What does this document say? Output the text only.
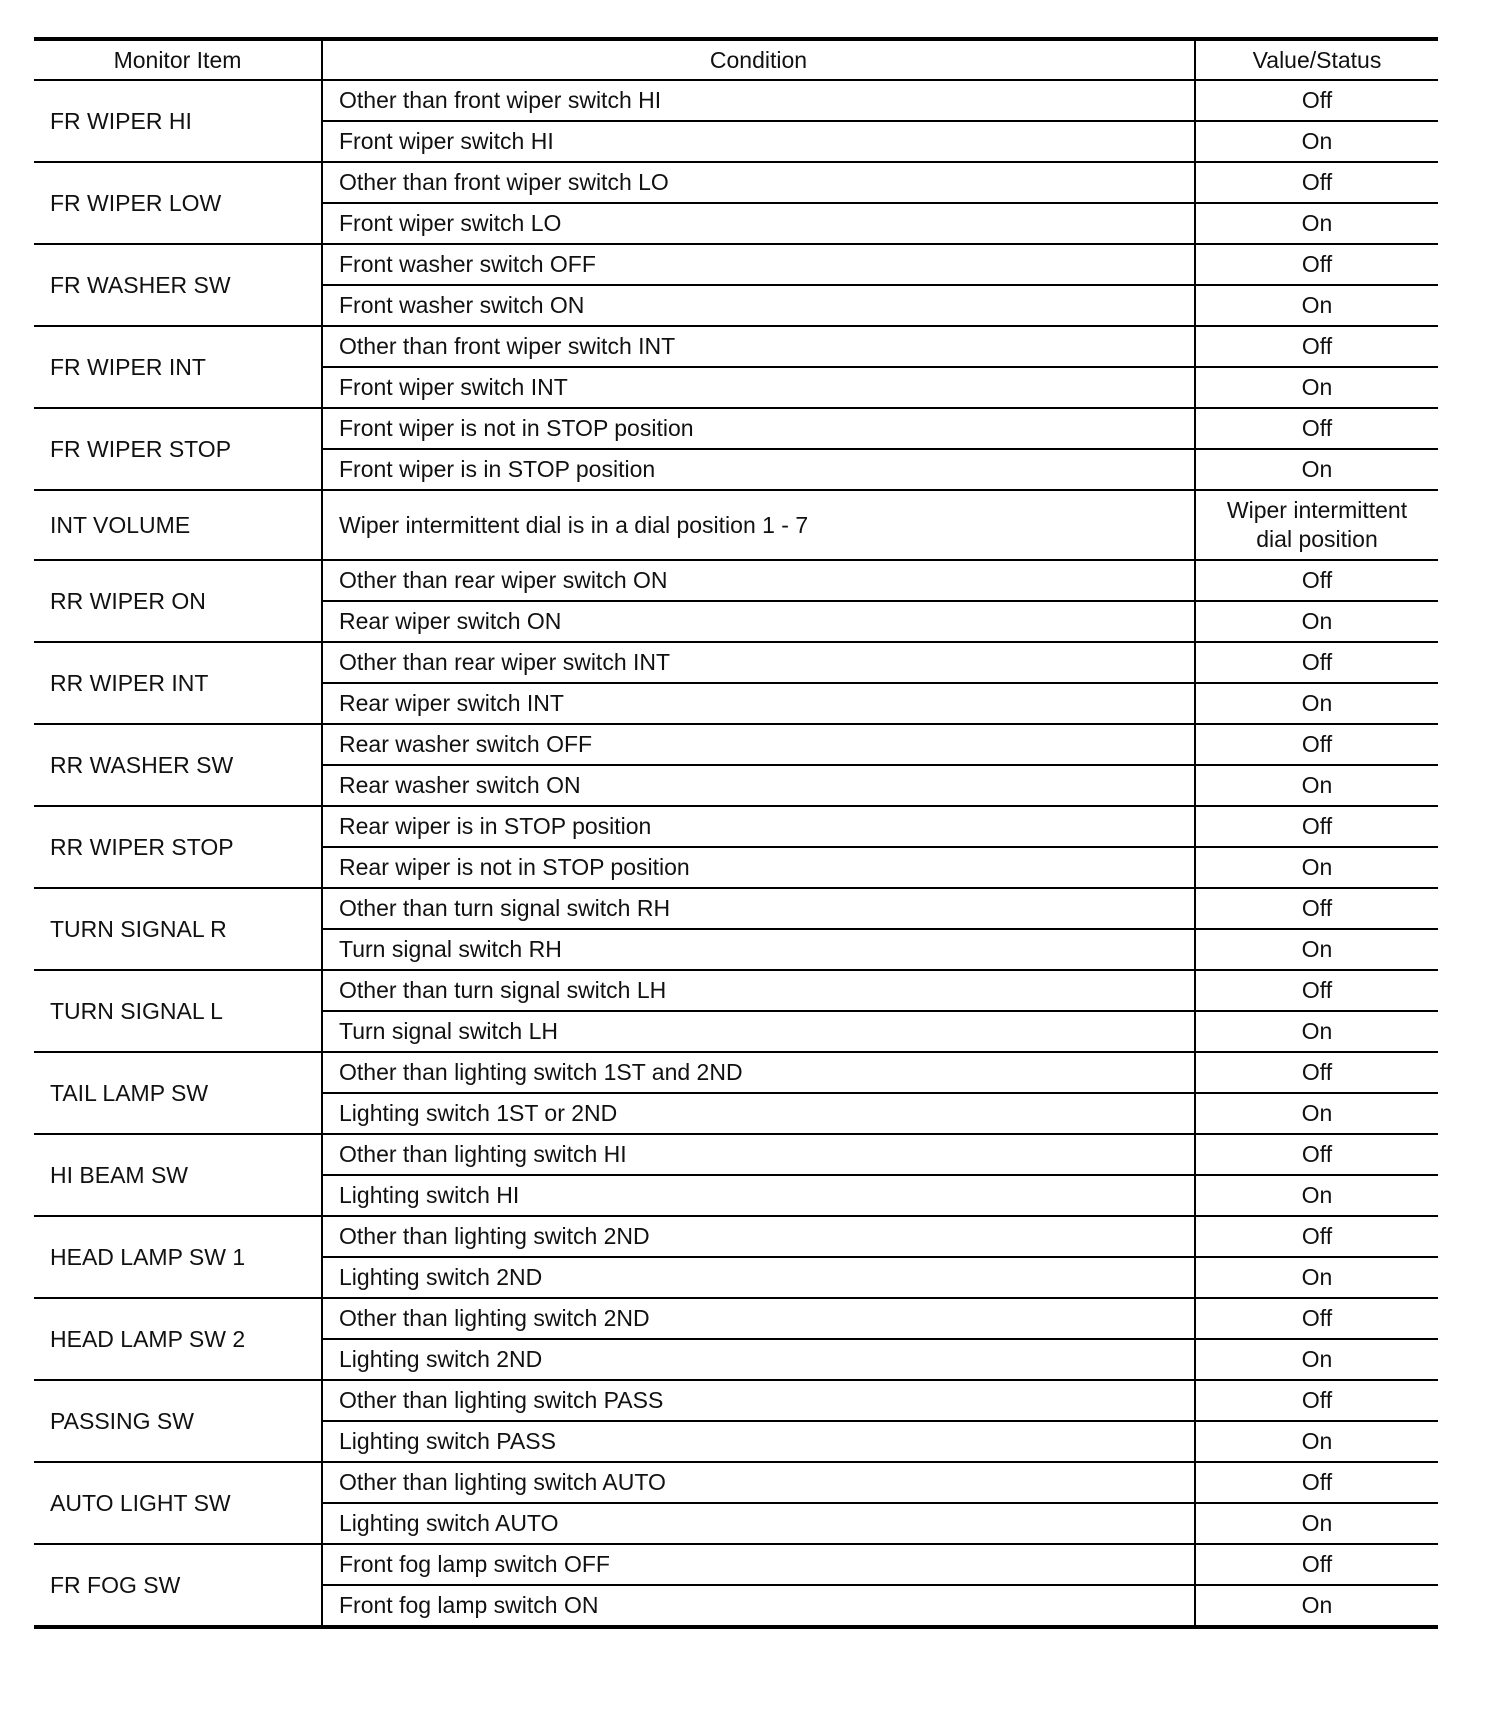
Monitor Item	Condition	Value/Status
FR WIPER HI	Other than front wiper switch HI	Off
	Front wiper switch HI	On
FR WIPER LOW	Other than front wiper switch LO	Off
	Front wiper switch LO	On
FR WASHER SW	Front washer switch OFF	Off
	Front washer switch ON	On
FR WIPER INT	Other than front wiper switch INT	Off
	Front wiper switch INT	On
FR WIPER STOP	Front wiper is not in STOP position	Off
	Front wiper is in STOP position	On
INT VOLUME	Wiper intermittent dial is in a dial position 1 - 7	Wiper intermittent dial position
RR WIPER ON	Other than rear wiper switch ON	Off
	Rear wiper switch ON	On
RR WIPER INT	Other than rear wiper switch INT	Off
	Rear wiper switch INT	On
RR WASHER SW	Rear washer switch OFF	Off
	Rear washer switch ON	On
RR WIPER STOP	Rear wiper is in STOP position	Off
	Rear wiper is not in STOP position	On
TURN SIGNAL R	Other than turn signal switch RH	Off
	Turn signal switch RH	On
TURN SIGNAL L	Other than turn signal switch LH	Off
	Turn signal switch LH	On
TAIL LAMP SW	Other than lighting switch 1ST and 2ND	Off
	Lighting switch 1ST or 2ND	On
HI BEAM SW	Other than lighting switch HI	Off
	Lighting switch HI	On
HEAD LAMP SW 1	Other than lighting switch 2ND	Off
	Lighting switch 2ND	On
HEAD LAMP SW 2	Other than lighting switch 2ND	Off
	Lighting switch 2ND	On
PASSING SW	Other than lighting switch PASS	Off
	Lighting switch PASS	On
AUTO LIGHT SW	Other than lighting switch AUTO	Off
	Lighting switch AUTO	On
FR FOG SW	Front fog lamp switch OFF	Off
	Front fog lamp switch ON	On
